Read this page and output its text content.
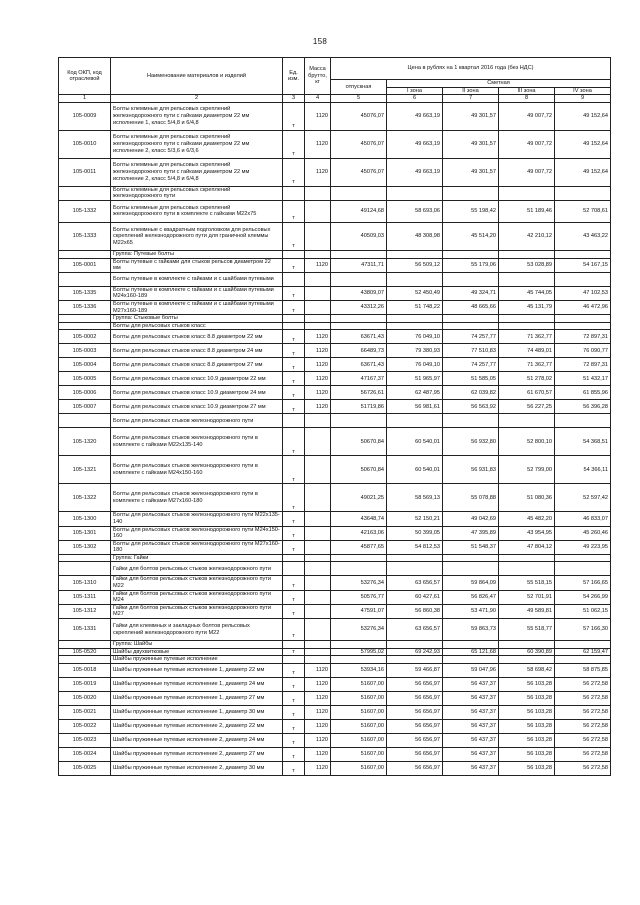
158
Код ОКП, код отраслевой	Наименование материалов и изделий	Ед. изм.	Масса брутто, кг	Цена в рублях на 1 квартал 2016 года (без НДС)				
				отпускная	Сметная			
					I зона	II зона	III зона	IV зона
1	2	3	4	5	6	7	8	9
105-0009	Болты клеммные для рельсовых скреплений железнодорожного пути с гайками диаметром 22 мм исполнение 1, класс 5/4,8 и 6/4,8	т	1120	45076,07	49 663,19	49 301,57	49 007,72	49 152,64
105-0010	Болты клеммные для рельсовых скреплений железнодорожного пути с гайками диаметром 22 мм исполнение 2, класс 5/3,6 и 6/3,6	т	1120	45076,07	49 663,19	49 301,57	49 007,72	49 152,64
105-0011	Болты клеммные для рельсовых скреплений железнодорожного пути с гайками диаметром 22 мм исполнение 2, класс 5/4,8 и 6/4,8	т	1120	45076,07	49 663,19	49 301,57	49 007,72	49 152,64
	Болты клеммные для рельсовых скреплений железнодорожного пути							
105-1332	Болты клеммные для рельсовых скреплений железнодорожного пути в комплекте с гайками М22х75	т		49124,68	58 693,06	55 198,42	51 189,46	52 708,61
105-1333	Болты клеммные с квадратным подголовком для рельсовых скреплений железнодорожного пути для граничной клеммы М22х65	т		40509,03	48 308,98	45 514,20	42 210,12	43 463,22
	Группа: Путевые болты							
105-0001	Болты путевые с гайками для стыков рельсов диаметром 22 мм	т	1120	47311,71	56 509,12	55 179,06	53 028,89	54 167,15
	Болты путевые в комплекте с гайками и с шайбами путевыми							
105-1335	Болты путевые в комплекте с гайками и с шайбами путевыми М24х160-189	т		43809,07	52 450,49	49 324,71	45 744,05	47 102,53
105-1336	Болты путевые в комплекте с гайками и с шайбами путевыми М27х160-189	т		43312,26	51 748,22	48 665,66	45 131,79	46 472,96
	Группа: Стыковые болты							
	Болты для рельсовых стыков класс							
105-0002	Болты для рельсовых стыков класс 8.8 диаметром 22 мм	т	1120	63671,43	76 049,10	74 257,77	71 362,77	72 897,31
105-0003	Болты для рельсовых стыков класс 8.8 диаметром 24 мм	т	1120	66489,73	79 380,93	77 510,83	74 489,01	76 090,77
105-0004	Болты для рельсовых стыков класс 8.8 диаметром 27 мм	т	1120	63671,43	76 049,10	74 257,77	71 362,77	72 897,31
105-0005	Болты для рельсовых стыков класс 10.9 диаметром 22 мм	т	1120	47167,37	51 965,97	51 585,05	51 278,02	51 432,17
105-0006	Болты для рельсовых стыков класс 10.9 диаметром 24 мм	т	1120	56726,61	62 487,95	62 039,82	61 670,57	61 855,96
105-0007	Болты для рельсовых стыков класс 10.9 диаметром 27 мм	т	1120	51719,86	56 981,61	56 563,92	56 227,25	56 396,28
	Болты для рельсовых стыков железнодорожного пути							
105-1320	Болты для рельсовых стыков железнодорожного пути в комплекте с гайками М22х135-140	т		50670,84	60 540,01	56 932,80	52 800,10	54 368,51
105-1321	Болты для рельсовых стыков железнодорожного пути в комплекте с гайками М24х150-160	т		50670,84	60 540,01	56 931,83	52 799,00	54 366,11
105-1322	Болты для рельсовых стыков железнодорожного пути в комплекте с гайками М27х160-180	т		49021,25	58 569,13	55 078,88	51 080,36	52 597,42
105-1300	Болты для рельсовых стыков железнодорожного пути М22х135-140	т		43648,74	52 150,21	49 042,69	45 482,20	46 833,07
105-1301	Болты для рельсовых стыков железнодорожного пути М24х150-160	т		42163,06	50 399,05	47 395,89	43 954,95	45 260,46
105-1302	Болты для рельсовых стыков железнодорожного пути М27х160-180	т		45877,65	54 812,53	51 548,37	47 804,12	49 223,95
	Группа: Гайки							
	Гайки для болтов рельсовых стыков железнодорожного пути							
105-1310	Гайки для болтов рельсовых стыков железнодорожного пути М22	т		53276,34	63 656,57	59 864,09	55 518,15	57 166,65
105-1311	Гайки для болтов рельсовых стыков железнодорожного пути М24	т		50576,77	60 427,61	56 826,47	52 701,91	54 266,99
105-1312	Гайки для болтов рельсовых стыков железнодорожного пути М27	т		47591,07	56 860,38	53 471,90	49 589,81	51 062,15
105-1331	Гайки для клеммных и закладных болтов рельсовых скреплений железнодорожного пути М22	т		53276,34	63 656,57	59 863,73	55 518,77	57 166,30
	Группа: Шайбы							
105-0520	Шайбы двухвитковые	т		57995,02	69 242,93	65 121,68	60 390,89	62 159,47
	Шайбы пружинные путевые исполнение							
105-0018	Шайбы пружинные путевые исполнение 1, диаметр 22 мм	т	1120	53934,16	59 466,87	59 047,96	58 698,42	58 875,85
105-0019	Шайбы пружинные путевые исполнение 1, диаметр 24 мм	т	1120	51607,00	56 656,97	56 437,37	56 103,28	56 272,58
105-0020	Шайбы пружинные путевые исполнение 1, диаметр 27 мм	т	1120	51607,00	56 656,97	56 437,37	56 103,28	56 272,58
105-0021	Шайбы пружинные путевые исполнение 1, диаметр 30 мм	т	1120	51607,00	56 656,97	56 437,37	56 103,28	56 272,58
105-0022	Шайбы пружинные путевые исполнение 2, диаметр 22 мм	т	1120	51607,00	56 656,97	56 437,37	56 103,28	56 272,58
105-0023	Шайбы пружинные путевые исполнение 2, диаметр 24 мм	т	1120	51607,00	56 656,97	56 437,37	56 103,28	56 272,58
105-0024	Шайбы пружинные путевые исполнение 2, диаметр 27 мм	т	1120	51607,00	56 656,97	56 437,37	56 103,28	56 272,58
105-0025	Шайбы пружинные путевые исполнение 2, диаметр 30 мм	т	1120	51607,00	56 656,97	56 437,37	56 103,28	56 272,58
